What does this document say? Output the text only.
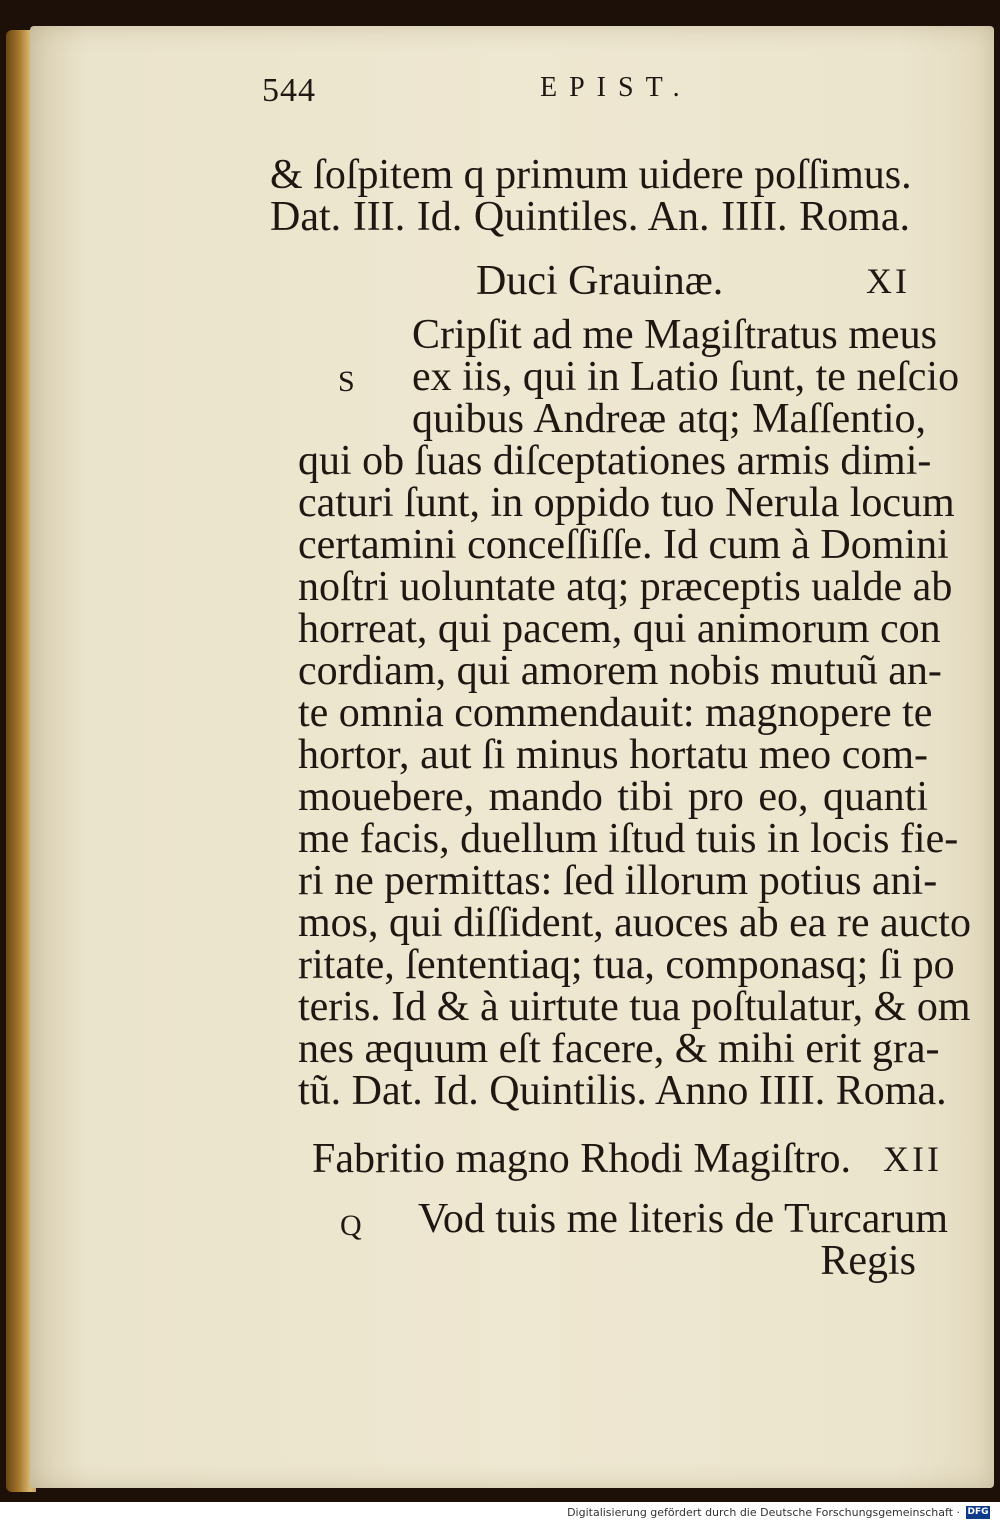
544	EPIST.
& ſoſpitem q primum uidere poſſimus.
Dat. III. Id. Quintiles. An. IIII. Roma.
Duci Grauinæ.	XI
S
Cripſit ad me Magiſtratus meus
ex iis, qui in Latio ſunt, te neſcio
quibus Andreæ atq; Maſſentio,
qui ob ſuas diſceptationes armis dimi-
caturi ſunt, in oppido tuo Nerula locum
certamini conceſſiſſe. Id cum à Domini
noſtri uoluntate atq; præceptis ualde ab
horreat, qui pacem, qui animorum con
cordiam, qui amorem nobis mutuũ an-
te omnia commendauit: magnopere te
hortor, aut ſi minus hortatu meo com-
mouebere, mando tibi pro eo, quanti
me facis, duellum iſtud tuis in locis fie-
ri ne permittas: ſed illorum potius ani-
mos, qui diſſident, auoces ab ea re aucto
ritate, ſententiaq; tua, componasq; ſi po
teris. Id & à uirtute tua poſtulatur, & om
nes æquum eſt facere, & mihi erit gra-
tũ. Dat. Id. Quintilis. Anno IIII. Roma.
Fabritio magno Rhodi Magiſtro. XII
Q Vod tuis me literis de Turcarum
Regis
Digitalisierung gefördert durch die Deutsche Forschungsgemeinschaft · DFG
